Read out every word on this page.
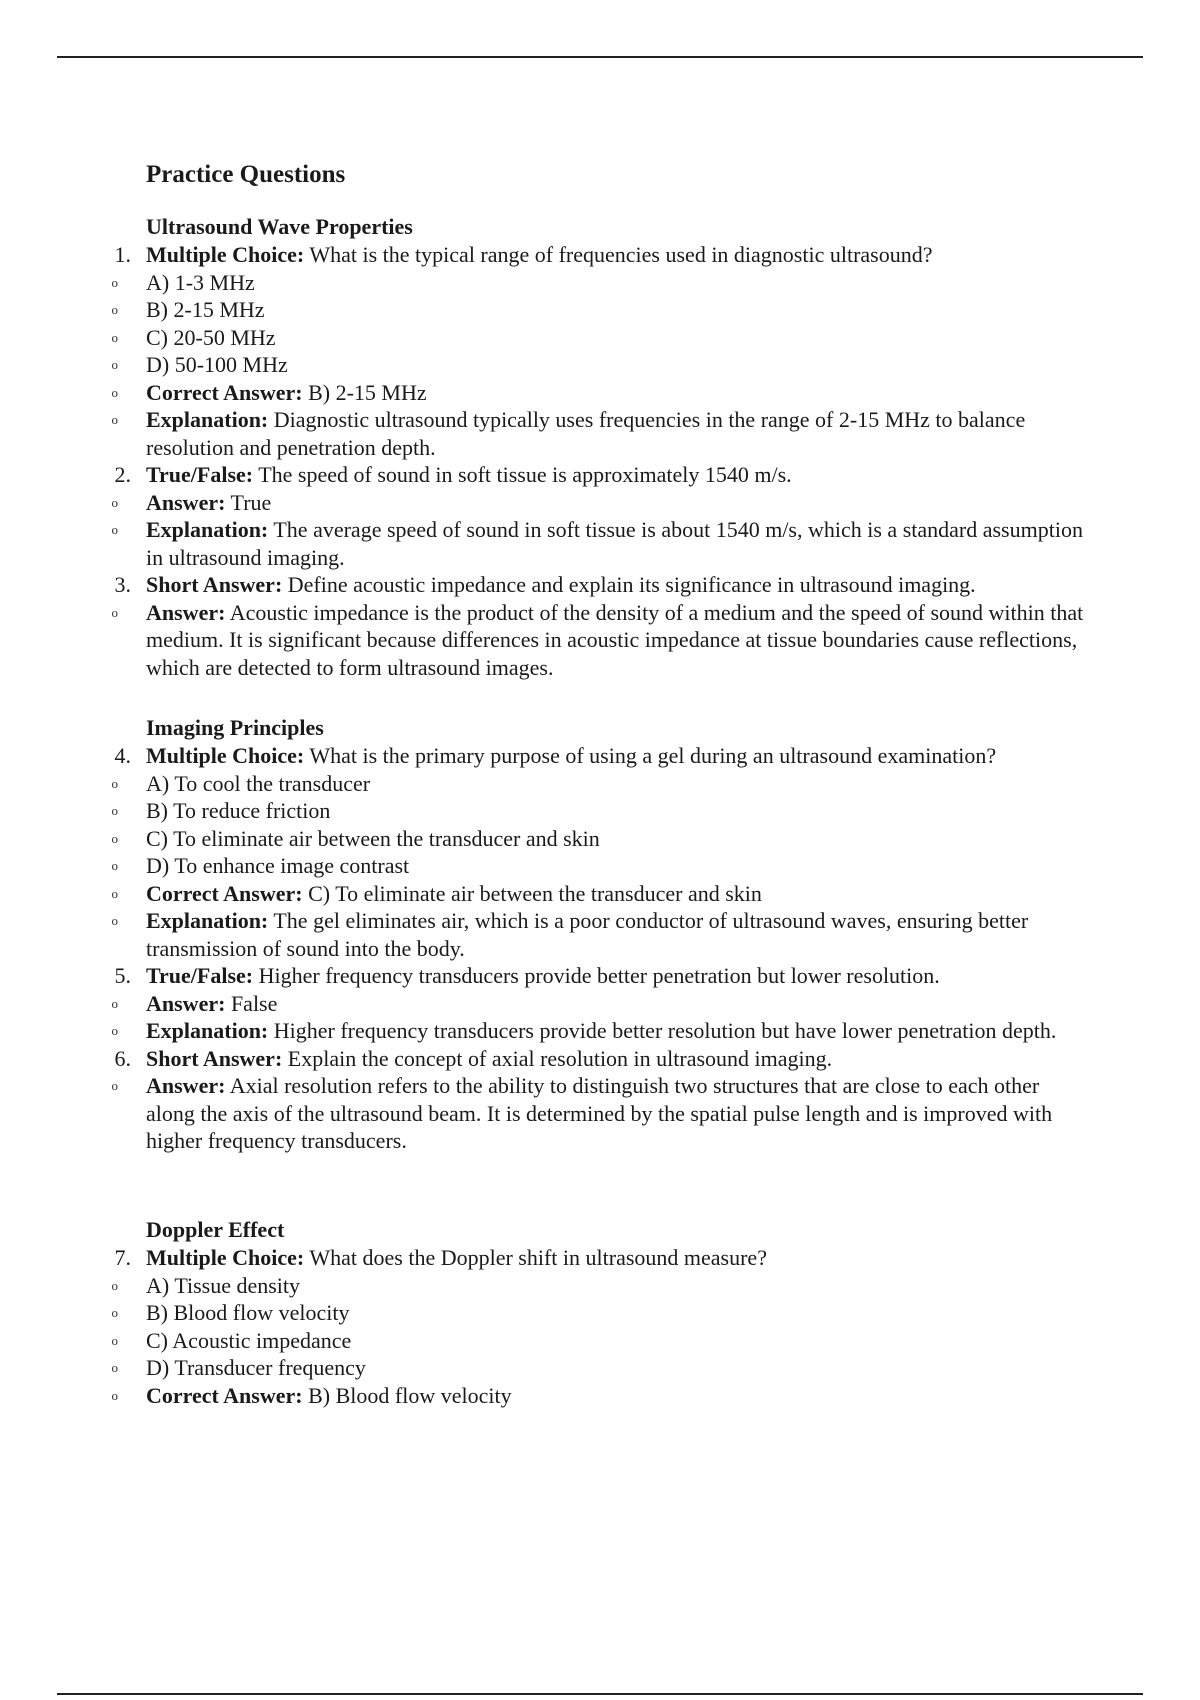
Practice Questions
Ultrasound Wave Properties
1. Multiple Choice: What is the typical range of frequencies used in diagnostic ultrasound?
o A) 1-3 MHz
o B) 2-15 MHz
o C) 20-50 MHz
o D) 50-100 MHz
o Correct Answer: B) 2-15 MHz
o Explanation: Diagnostic ultrasound typically uses frequencies in the range of 2-15 MHz to balance resolution and penetration depth.
2. True/False: The speed of sound in soft tissue is approximately 1540 m/s.
o Answer: True
o Explanation: The average speed of sound in soft tissue is about 1540 m/s, which is a standard assumption in ultrasound imaging.
3. Short Answer: Define acoustic impedance and explain its significance in ultrasound imaging.
o Answer: Acoustic impedance is the product of the density of a medium and the speed of sound within that medium. It is significant because differences in acoustic impedance at tissue boundaries cause reflections, which are detected to form ultrasound images.
Imaging Principles
4. Multiple Choice: What is the primary purpose of using a gel during an ultrasound examination?
o A) To cool the transducer
o B) To reduce friction
o C) To eliminate air between the transducer and skin
o D) To enhance image contrast
o Correct Answer: C) To eliminate air between the transducer and skin
o Explanation: The gel eliminates air, which is a poor conductor of ultrasound waves, ensuring better transmission of sound into the body.
5. True/False: Higher frequency transducers provide better penetration but lower resolution.
o Answer: False
o Explanation: Higher frequency transducers provide better resolution but have lower penetration depth.
6. Short Answer: Explain the concept of axial resolution in ultrasound imaging.
o Answer: Axial resolution refers to the ability to distinguish two structures that are close to each other along the axis of the ultrasound beam. It is determined by the spatial pulse length and is improved with higher frequency transducers.
Doppler Effect
7. Multiple Choice: What does the Doppler shift in ultrasound measure?
o A) Tissue density
o B) Blood flow velocity
o C) Acoustic impedance
o D) Transducer frequency
o Correct Answer: B) Blood flow velocity
